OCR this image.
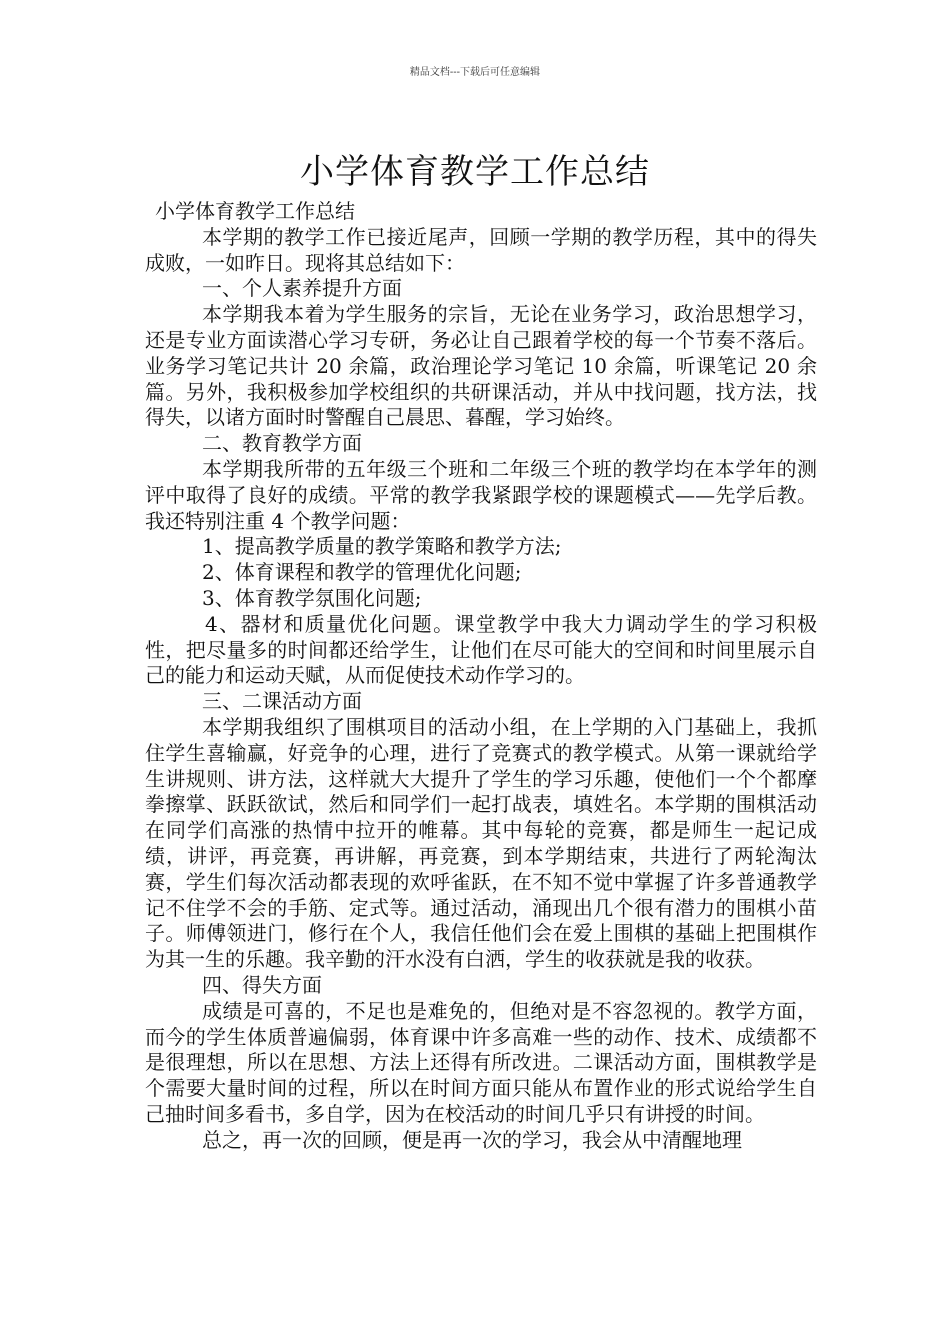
精品文档---下载后可任意编辑
小学体育教学工作总结

小学体育教学工作总结

本学期的教学工作已接近尾声，回顾一学期的教学历程，其中的得失成败，一如昨日。现将其总结如下：

一、个人素养提升方面

本学期我本着为学生服务的宗旨，无论在业务学习，政治思想学习，还是专业方面读潜心学习专研，务必让自己跟着学校的每一个节奏不落后。业务学习笔记共计 20 余篇，政治理论学习笔记 10 余篇，听课笔记 20 余篇。另外，我积极参加学校组织的共研课活动，并从中找问题，找方法，找得失，以诸方面时时警醒自己晨思、暮醒，学习始终。

二、教育教学方面

本学期我所带的五年级三个班和二年级三个班的教学均在本学年的测评中取得了良好的成绩。平常的教学我紧跟学校的课题模式——先学后教。我还特别注重 4 个教学问题：

1、提高教学质量的教学策略和教学方法;

2、体育课程和教学的管理优化问题;

3、体育教学氛围化问题;

4、器材和质量优化问题。课堂教学中我大力调动学生的学习积极性，把尽量多的时间都还给学生，让他们在尽可能大的空间和时间里展示自己的能力和运动天赋，从而促使技术动作学习的。

三、二课活动方面

本学期我组织了围棋项目的活动小组，在上学期的入门基础上，我抓住学生喜输赢，好竞争的心理，进行了竞赛式的教学模式。从第一课就给学生讲规则、讲方法，这样就大大提升了学生的学习乐趣，使他们一个个都摩拳擦掌、跃跃欲试，然后和同学们一起打战表，填姓名。本学期的围棋活动在同学们高涨的热情中拉开的帷幕。其中每轮的竞赛，都是师生一起记成绩，讲评，再竞赛，再讲解，再竞赛，到本学期结束，共进行了两轮淘汰赛，学生们每次活动都表现的欢呼雀跃，在不知不觉中掌握了许多普通教学记不住学不会的手筋、定式等。通过活动，涌现出几个很有潜力的围棋小苗子。师傅领进门，修行在个人，我信任他们会在爱上围棋的基础上把围棋作为其一生的乐趣。我辛勤的汗水没有白洒，学生的收获就是我的收获。

四、得失方面

成绩是可喜的，不足也是难免的，但绝对是不容忽视的。教学方面，而今的学生体质普遍偏弱，体育课中许多高难一些的动作、技术、成绩都不是很理想，所以在思想、方法上还得有所改进。二课活动方面，围棋教学是个需要大量时间的过程，所以在时间方面只能从布置作业的形式说给学生自己抽时间多看书，多自学，因为在校活动的时间几乎只有讲授的时间。

总之，再一次的回顾，便是再一次的学习，我会从中清醒地理
